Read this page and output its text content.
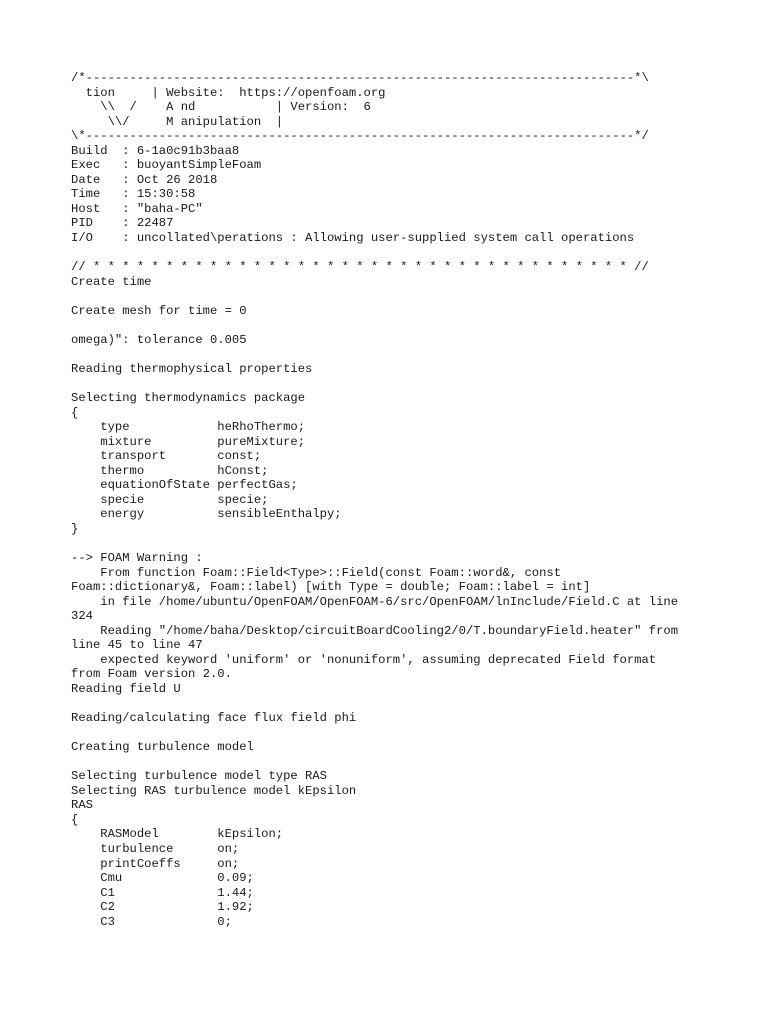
/*---------------------------------------------------------------------------*\
tion     | Website:  https://openfoam.org
\\  /    A nd           | Version:  6
\\/     M anipulation  |
\*---------------------------------------------------------------------------*/
Build  : 6-1a0c91b3baa8
Exec   : buoyantSimpleFoam
Date   : Oct 26 2018
Time   : 15:30:58
Host   : "baha-PC"
PID    : 22487
I/O    : uncollated\perations : Allowing user-supplied system call operations
// * * * * * * * * * * * * * * * * * * * * * * * * * * * * * * * * * * * * * //
Create time
Create mesh for time = 0
omega)": tolerance 0.005
Reading thermophysical properties
Selecting thermodynamics package
{
type            heRhoThermo;
mixture         pureMixture;
transport       const;
thermo          hConst;
equationOfState perfectGas;
specie          specie;
energy          sensibleEnthalpy;
}
--> FOAM Warning :
From function Foam::Field<Type>::Field(const Foam::word&, const
Foam::dictionary&, Foam::label) [with Type = double; Foam::label = int]
in file /home/ubuntu/OpenFOAM/OpenFOAM-6/src/OpenFOAM/lnInclude/Field.C at line
324
Reading "/home/baha/Desktop/circuitBoardCooling2/0/T.boundaryField.heater" from
line 45 to line 47
expected keyword 'uniform' or 'nonuniform', assuming deprecated Field format
from Foam version 2.0.
Reading field U
Reading/calculating face flux field phi
Creating turbulence model
Selecting turbulence model type RAS
Selecting RAS turbulence model kEpsilon
RAS
{
RASModel        kEpsilon;
turbulence      on;
printCoeffs     on;
Cmu             0.09;
C1              1.44;
C2              1.92;
C3              0;
